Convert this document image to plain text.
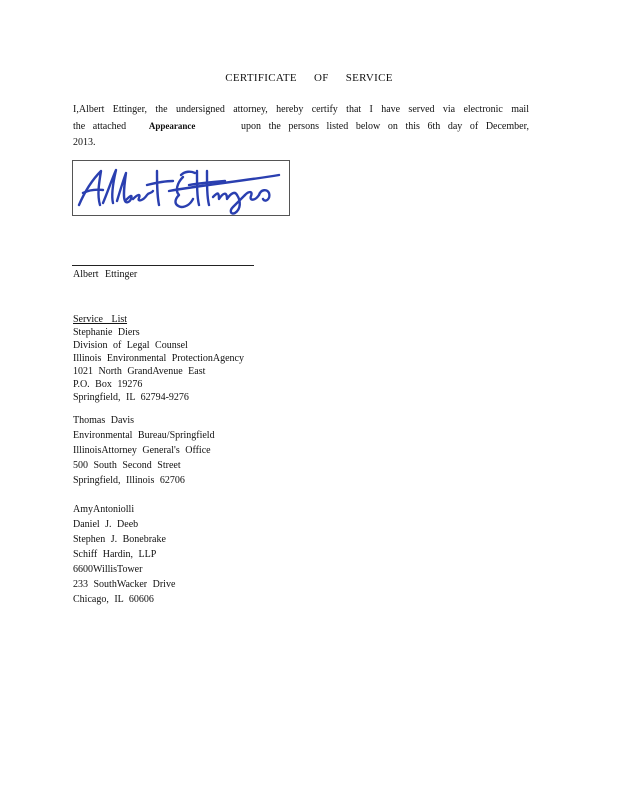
CERTIFICATE OF SERVICE
I,Albert Ettinger, the undersigned attorney, hereby certify that I have served via electronic mail
the attached	Appearance	upon the persons listed below on this 6th day of December, 2013.
Albert Ettinger
Service List
Stephanie Diers
Division of Legal Counsel
Illinois Environmental ProtectionAgency
1021 North GrandAvenue East
P.O. Box 19276
Springfield, IL 62794-9276
Thomas Davis
Environmental Bureau/Springfield
IllinoisAttorney General's Office
500 South Second Street
Springfield, Illinois 62706
AmyAntoniolli
Daniel J. Deeb
Stephen J. Bonebrake
Schiff Hardin, LLP
6600WillisTower
233 SouthWacker Drive
Chicago, IL 60606
